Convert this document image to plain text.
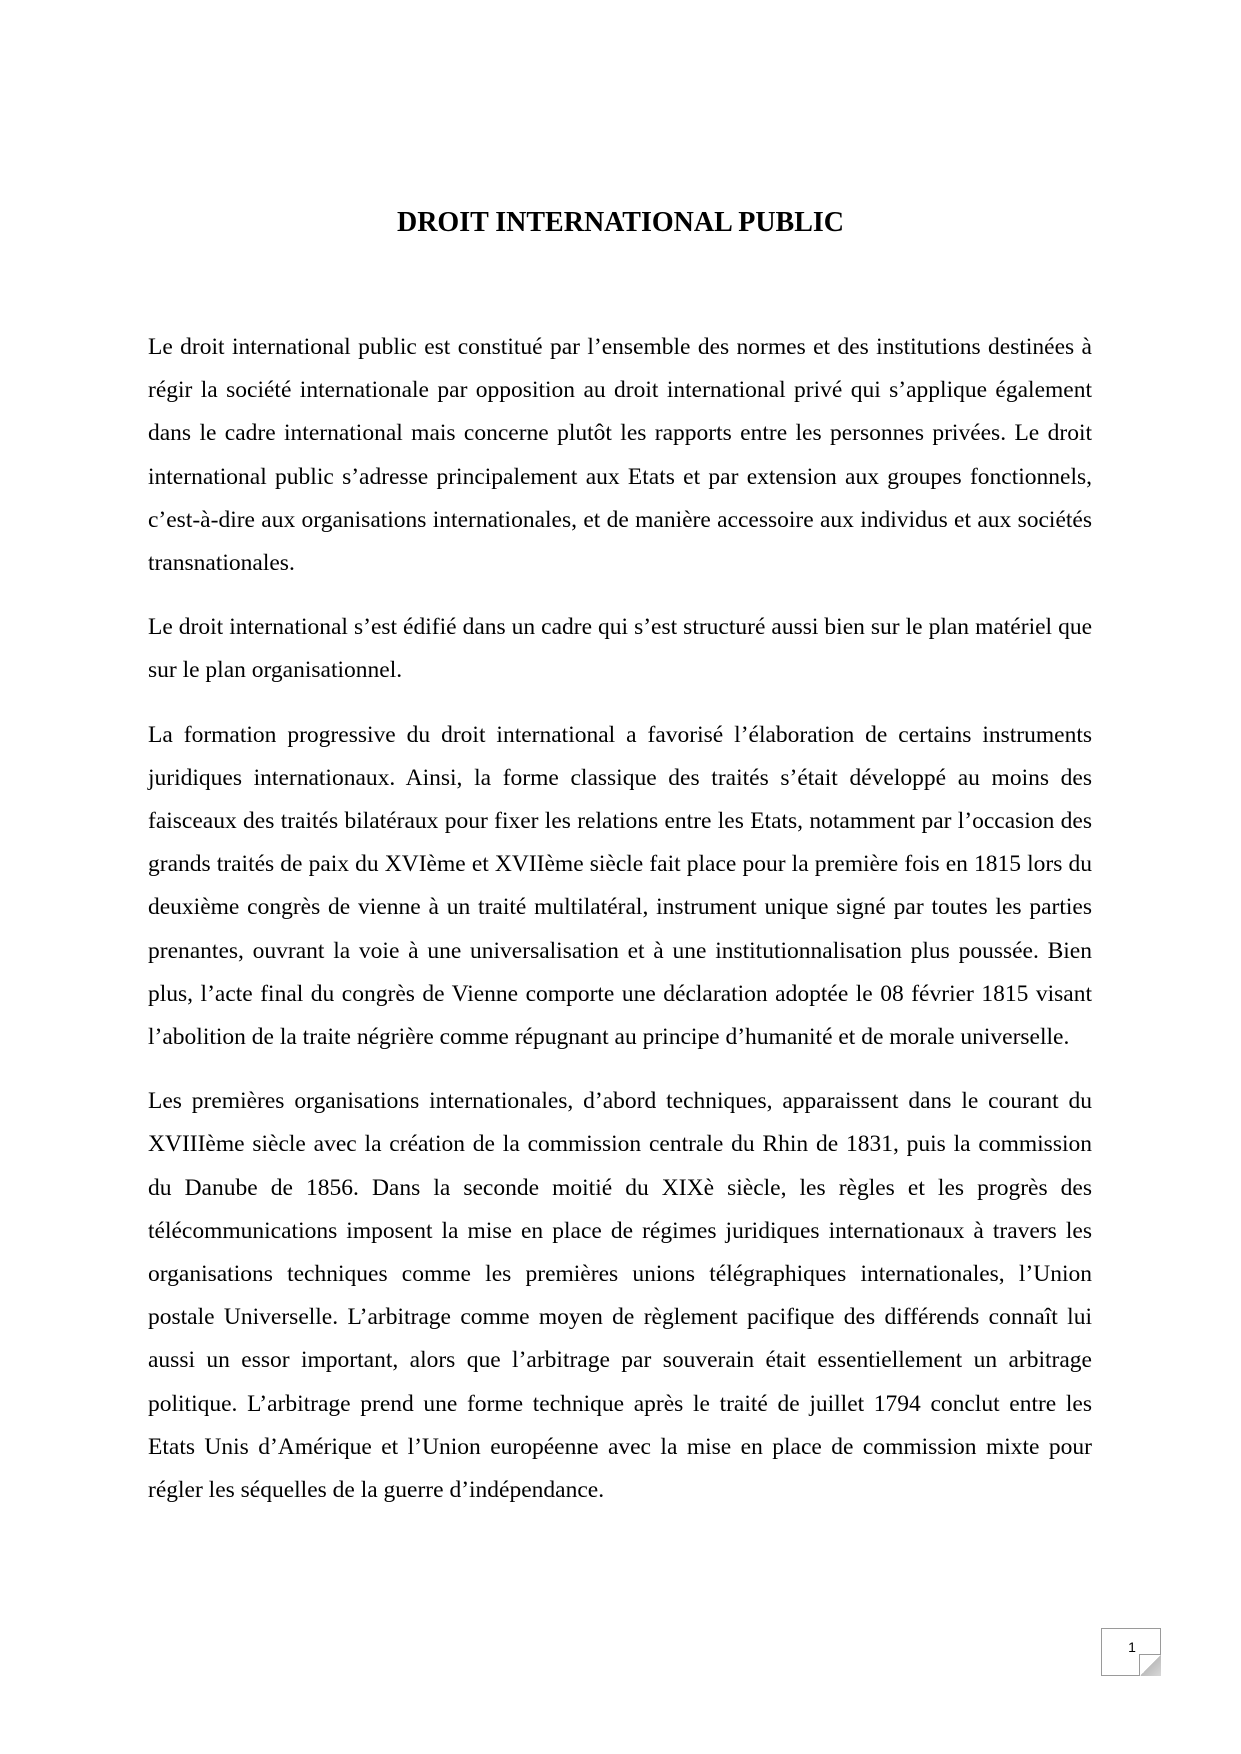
DROIT INTERNATIONAL PUBLIC

Le droit international public est constitué par l’ensemble des normes et des institutions destinées à régir la société internationale par opposition au droit international privé qui s’applique également dans le cadre international mais concerne plutôt les rapports entre les personnes privées. Le droit international public s’adresse principalement aux Etats et par extension aux groupes fonctionnels, c’est-à-dire aux organisations internationales, et de manière accessoire aux individus et aux sociétés transnationales.

Le droit international s’est édifié dans un cadre qui s’est structuré aussi bien sur le plan matériel que sur le plan organisationnel.

La formation progressive du droit international a favorisé l’élaboration de certains instruments juridiques internationaux. Ainsi, la forme classique des traités s’était développé au moins des faisceaux des traités bilatéraux pour fixer les relations entre les Etats, notamment par l’occasion des grands traités de paix du XVIème et XVIIème siècle fait place pour la première fois en 1815 lors du deuxième congrès de vienne à un traité multilatéral, instrument unique signé par toutes les parties prenantes, ouvrant la voie à une universalisation et à une institutionnalisation plus poussée. Bien plus, l’acte final du congrès de Vienne comporte une déclaration adoptée le 08 février 1815 visant l’abolition de la traite négrière comme répugnant au principe d’humanité et de morale universelle.

Les premières organisations internationales, d’abord techniques, apparaissent dans le courant du XVIIIème siècle avec la création de la commission centrale du Rhin de 1831, puis la commission du Danube de 1856. Dans la seconde moitié du XIXè siècle, les règles et les progrès des télécommunications imposent la mise en place de régimes juridiques internationaux à travers les organisations techniques comme les premières unions télégraphiques internationales, l’Union postale Universelle. L’arbitrage comme moyen de règlement pacifique des différends connaît lui aussi un essor important, alors que l’arbitrage par souverain était essentiellement un arbitrage politique. L’arbitrage prend une forme technique après le traité de juillet 1794 conclut entre les Etats Unis d’Amérique et l’Union européenne avec la mise en place de commission mixte pour régler les séquelles de la guerre d’indépendance.

1
